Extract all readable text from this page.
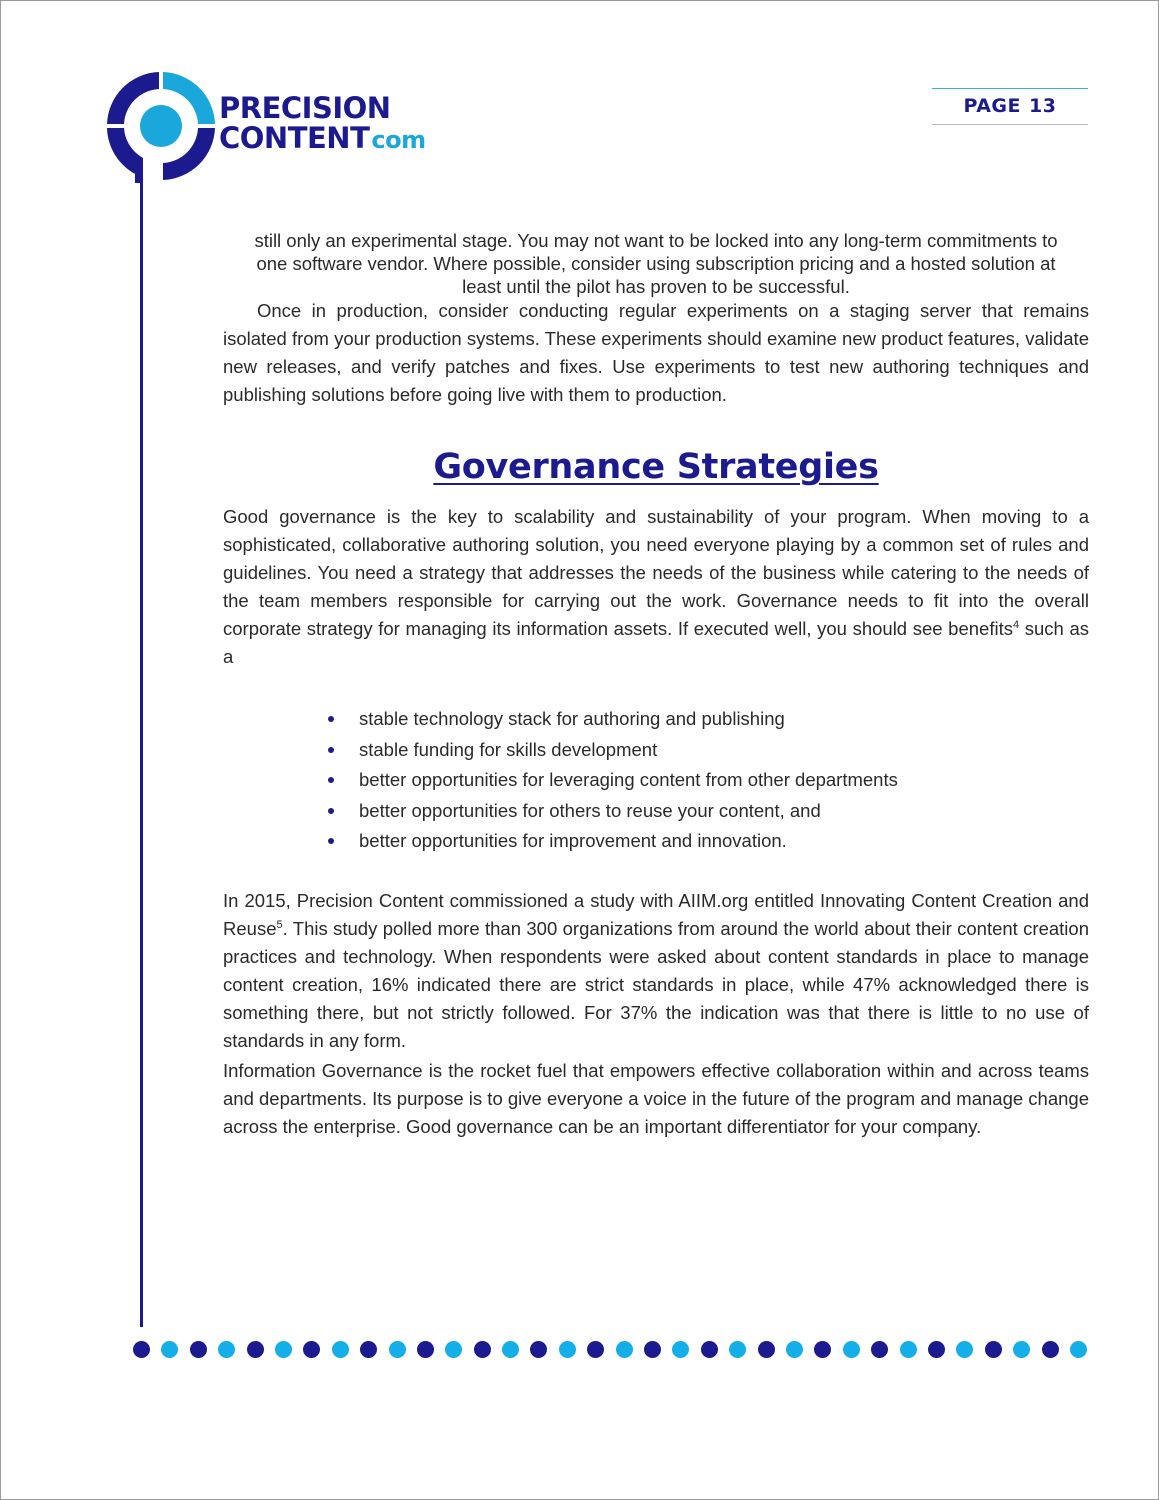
PRECISION
CONTENTcom
PAGE 13
still only an experimental stage. You may not want to be locked into any long-term commitments to one software vendor. Where possible, consider using subscription pricing and a hosted solution at least until the pilot has proven to be successful.
Once in production, consider conducting regular experiments on a staging server that remains isolated from your production systems. These experiments should examine new product features, validate new releases, and verify patches and fixes. Use experiments to test new authoring techniques and publishing solutions before going live with them to production.
Governance Strategies
Good governance is the key to scalability and sustainability of your program. When moving to a sophisticated, collaborative authoring solution, you need everyone playing by a common set of rules and guidelines. You need a strategy that addresses the needs of the business while catering to the needs of the team members responsible for carrying out the work. Governance needs to fit into the overall corporate strategy for managing its information assets. If executed well, you should see benefits$^4$ such as a
stable technology stack for authoring and publishing
stable funding for skills development
better opportunities for leveraging content from other departments
better opportunities for others to reuse your content, and
better opportunities for improvement and innovation.
In 2015, Precision Content commissioned a study with AIIM.org entitled Innovating Content Creation and Reuse$^5$. This study polled more than 300 organizations from around the world about their content creation practices and technology. When respondents were asked about content standards in place to manage content creation, 16% indicated there are strict standards in place, while 47% acknowledged there is something there, but not strictly followed. For 37% the indication was that there is little to no use of standards in any form.
Information Governance is the rocket fuel that empowers effective collaboration within and across teams and departments. Its purpose is to give everyone a voice in the future of the program and manage change across the enterprise. Good governance can be an important differentiator for your company.
